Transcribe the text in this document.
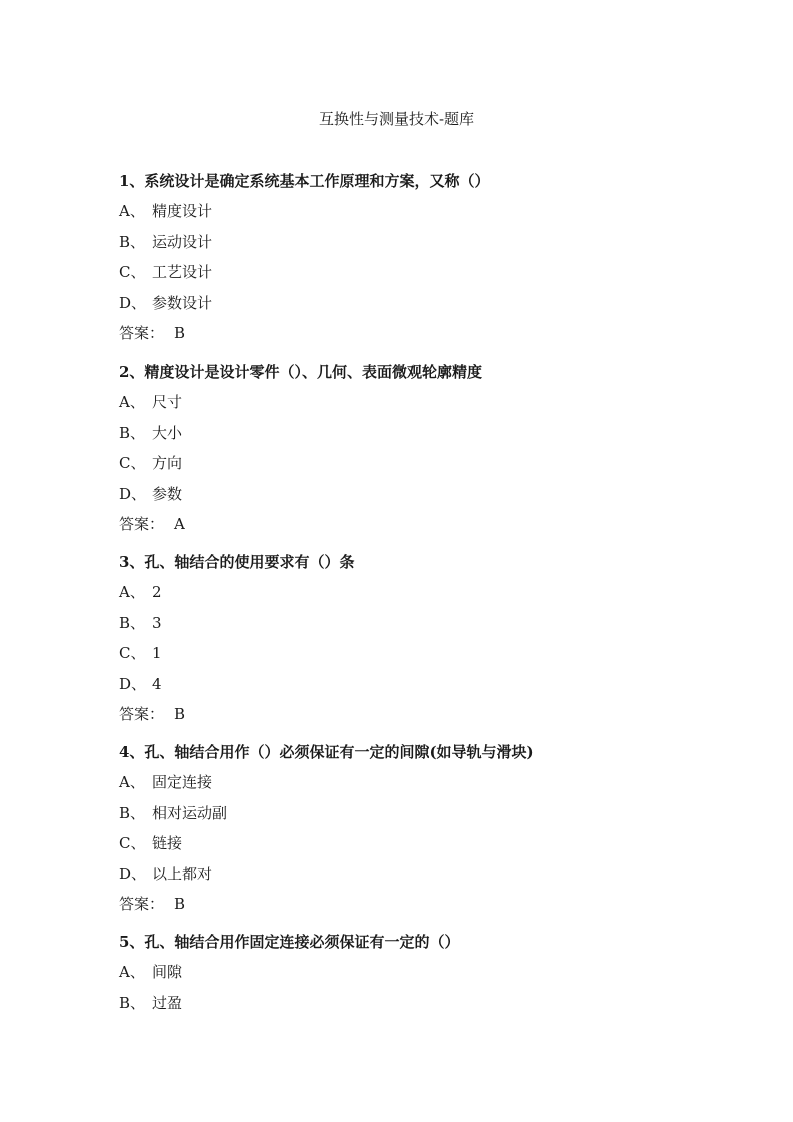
互换性与测量技术-题库
1、系统设计是确定系统基本工作原理和方案，又称（）
A、 精度设计
B、 运动设计
C、 工艺设计
D、 参数设计
答案： B
2、精度设计是设计零件（）、几何、表面微观轮廓精度
A、 尺寸
B、 大小
C、 方向
D、 参数
答案： A
3、孔、轴结合的使用要求有（）条
A、 2
B、 3
C、 1
D、 4
答案： B
4、孔、轴结合用作（）必须保证有一定的间隙(如导轨与滑块)
A、 固定连接
B、 相对运动副
C、 链接
D、 以上都对
答案： B
5、孔、轴结合用作固定连接必须保证有一定的（）
A、 间隙
B、 过盈
